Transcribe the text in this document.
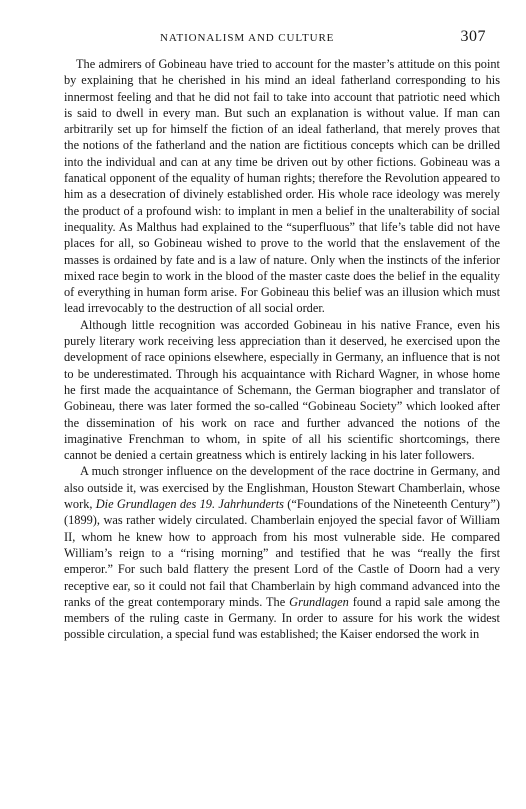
NATIONALISM AND CULTURE	307

The admirers of Gobineau have tried to account for the master’s attitude on this point by explaining that he cherished in his mind an ideal fatherland corresponding to his innermost feeling and that he did not fail to take into account that patriotic need which is said to dwell in every man. But such an explanation is without value. If man can arbitrarily set up for himself the fiction of an ideal fatherland, that merely proves that the notions of the fatherland and the nation are fictitious concepts which can be drilled into the individual and can at any time be driven out by other fictions. Gobineau was a fanatical opponent of the equality of human rights; therefore the Revolution appeared to him as a desecration of divinely established order. His whole race ideology was merely the product of a profound wish: to implant in men a belief in the unalterability of social inequality. As Malthus had explained to the “superfluous” that life’s table did not have places for all, so Gobineau wished to prove to the world that the enslavement of the masses is ordained by fate and is a law of nature. Only when the instincts of the inferior mixed race begin to work in the blood of the master caste does the belief in the equality of everything in human form arise. For Gobineau this belief was an illusion which must lead irrevocably to the destruction of all social order.

Although little recognition was accorded Gobineau in his native France, even his purely literary work receiving less appreciation than it deserved, he exercised upon the development of race opinions elsewhere, especially in Germany, an influence that is not to be underestimated. Through his acquaintance with Richard Wagner, in whose home he first made the acquaintance of Schemann, the German biographer and translator of Gobineau, there was later formed the so-called “Gobineau Society” which looked after the dissemination of his work on race and further advanced the notions of the imaginative Frenchman to whom, in spite of all his scientific shortcomings, there cannot be denied a certain greatness which is entirely lacking in his later followers.

A much stronger influence on the development of the race doctrine in Germany, and also outside it, was exercised by the Englishman, Houston Stewart Chamberlain, whose work, Die Grundlagen des 19. Jahrhunderts (“Foundations of the Nineteenth Century”) (1899), was rather widely circulated. Chamberlain enjoyed the special favor of William II, whom he knew how to approach from his most vulnerable side. He compared William’s reign to a “rising morning” and testified that he was “really the first emperor.” For such bald flattery the present Lord of the Castle of Doorn had a very receptive ear, so it could not fail that Chamberlain by high command advanced into the ranks of the great contemporary minds. The Grundlagen found a rapid sale among the members of the ruling caste in Germany. In order to assure for his work the widest possible circulation, a special fund was established; the Kaiser endorsed the work in
